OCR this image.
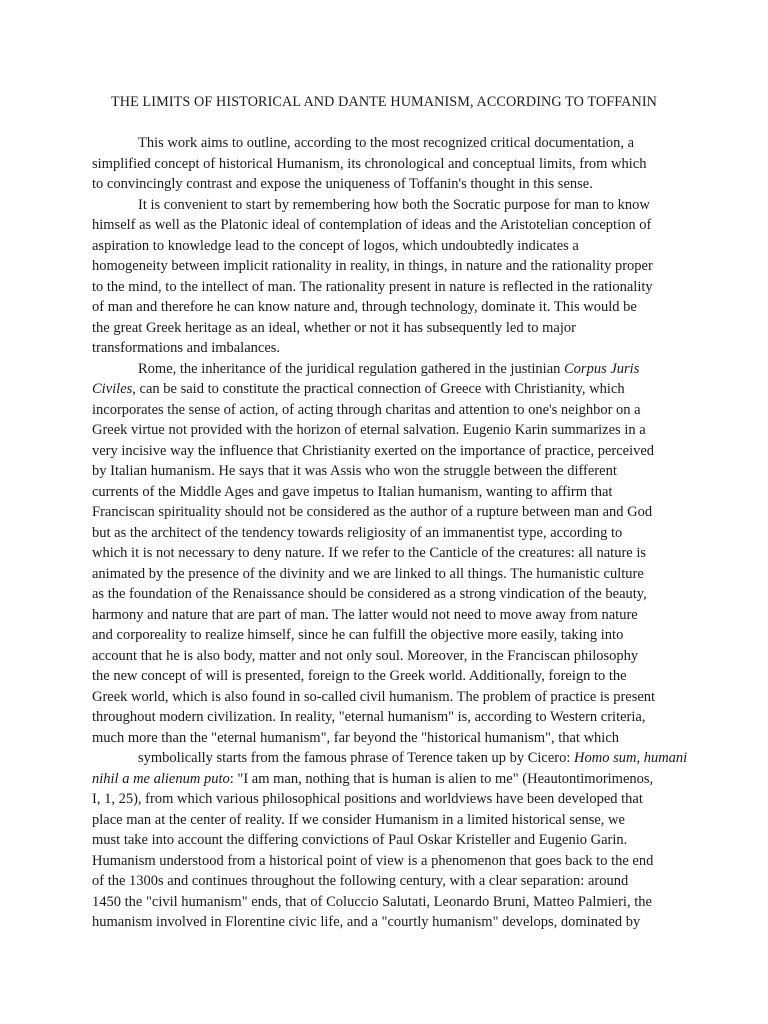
THE LIMITS OF HISTORICAL AND DANTE HUMANISM, ACCORDING TO TOFFANIN
This work aims to outline, according to the most recognized critical documentation, a
simplified concept of historical Humanism, its chronological and conceptual limits, from which
to convincingly contrast and expose the uniqueness of Toffanin's thought in this sense.
It is convenient to start by remembering how both the Socratic purpose for man to know
himself as well as the Platonic ideal of contemplation of ideas and the Aristotelian conception of
aspiration to knowledge lead to the concept of logos, which undoubtedly indicates a
homogeneity between implicit rationality in reality, in things, in nature and the rationality proper
to the mind, to the intellect of man. The rationality present in nature is reflected in the rationality
of man and therefore he can know nature and, through technology, dominate it. This would be
the great Greek heritage as an ideal, whether or not it has subsequently led to major
transformations and imbalances.
Rome, the inheritance of the juridical regulation gathered in the justinian Corpus Juris
Civiles, can be said to constitute the practical connection of Greece with Christianity, which
incorporates the sense of action, of acting through charitas and attention to one's neighbor on a
Greek virtue not provided with the horizon of eternal salvation. Eugenio Karin summarizes in a
very incisive way the influence that Christianity exerted on the importance of practice, perceived
by Italian humanism. He says that it was Assis who won the struggle between the different
currents of the Middle Ages and gave impetus to Italian humanism, wanting to affirm that
Franciscan spirituality should not be considered as the author of a rupture between man and God
but as the architect of the tendency towards religiosity of an immanentist type, according to
which it is not necessary to deny nature. If we refer to the Canticle of the creatures: all nature is
animated by the presence of the divinity and we are linked to all things. The humanistic culture
as the foundation of the Renaissance should be considered as a strong vindication of the beauty,
harmony and nature that are part of man. The latter would not need to move away from nature
and corporeality to realize himself, since he can fulfill the objective more easily, taking into
account that he is also body, matter and not only soul. Moreover, in the Franciscan philosophy
the new concept of will is presented, foreign to the Greek world. Additionally, foreign to the
Greek world, which is also found in so-called civil humanism. The problem of practice is present
throughout modern civilization. In reality, "eternal humanism" is, according to Western criteria,
much more than the "eternal humanism", far beyond the "historical humanism", that which
symbolically starts from the famous phrase of Terence taken up by Cicero: Homo sum, humani
nihil a me alienum puto: "I am man, nothing that is human is alien to me" (Heautontimorimenos,
I, 1, 25), from which various philosophical positions and worldviews have been developed that
place man at the center of reality. If we consider Humanism in a limited historical sense, we
must take into account the differing convictions of Paul Oskar Kristeller and Eugenio Garin.
Humanism understood from a historical point of view is a phenomenon that goes back to the end
of the 1300s and continues throughout the following century, with a clear separation: around
1450 the "civil humanism" ends, that of Coluccio Salutati, Leonardo Bruni, Matteo Palmieri, the
humanism involved in Florentine civic life, and a "courtly humanism" develops, dominated by
